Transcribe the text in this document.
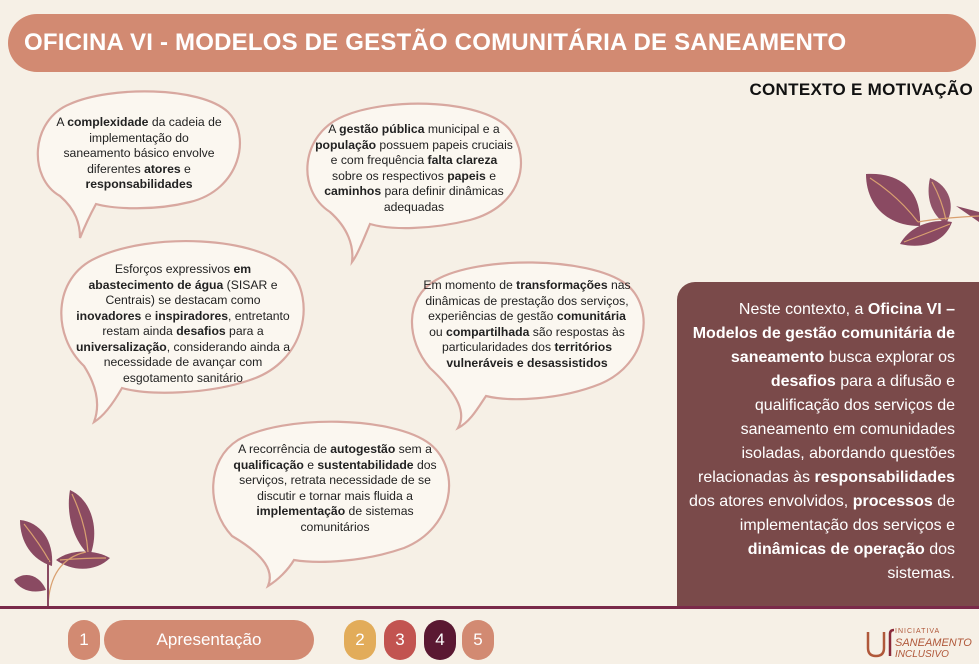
OFICINA VI - MODELOS DE GESTÃO COMUNITÁRIA DE SANEAMENTO
CONTEXTO E MOTIVAÇÃO
A complexidade da cadeia de implementação do saneamento básico envolve diferentes atores e responsabilidades
A gestão pública municipal e a população possuem papeis cruciais e com frequência falta clareza sobre os respectivos papeis e caminhos para definir dinâmicas adequadas
Esforços expressivos em abastecimento de água (SISAR e Centrais) se destacam como inovadores e inspiradores, entretanto restam ainda desafios para a universalização, considerando ainda a necessidade de avançar com esgotamento sanitário
Em momento de transformações nas dinâmicas de prestação dos serviços, experiências de gestão comunitária ou compartilhada são respostas às particularidades dos territórios vulneráveis e desassistidos
A recorrência de autogestão sem a qualificação e sustentabilidade dos serviços, retrata necessidade de se discutir e tornar mais fluida a implementação de sistemas comunitários
Neste contexto, a Oficina VI – Modelos de gestão comunitária de saneamento busca explorar os desafios para a difusão e qualificação dos serviços de saneamento em comunidades isoladas, abordando questões relacionadas às responsabilidades dos atores envolvidos, processos de implementação dos serviços e dinâmicas de operação dos sistemas.
1	Apresentação	2	3	4	5	INICIATIVA
SANEAMENTO
INCLUSIVO
